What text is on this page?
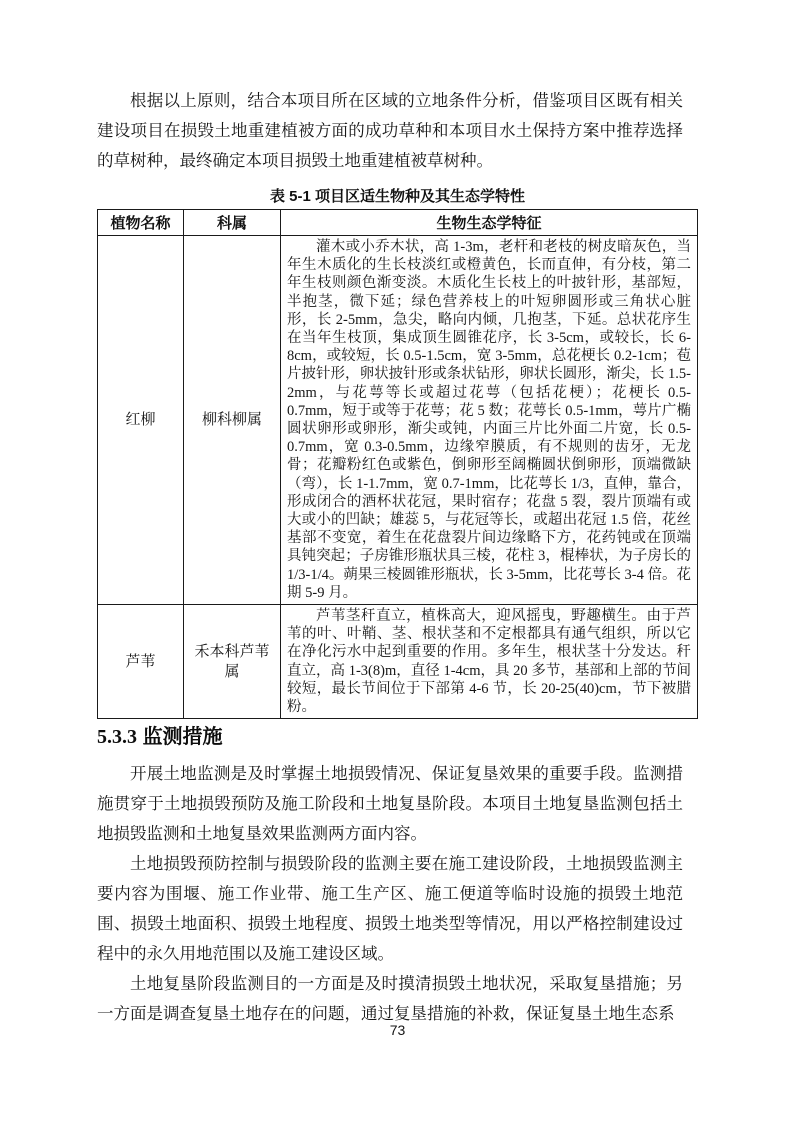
根据以上原则，结合本项目所在区域的立地条件分析，借鉴项目区既有相关建设项目在损毁土地重建植被方面的成功草种和本项目水土保持方案中推荐选择的草树种，最终确定本项目损毁土地重建植被草树种。

表 5-1 项目区适生物种及其生态学特性
植物名称	科属	生物生态学特征
红柳	柳科柳属	灌木或小乔木状，高 1-3m，老杆和老枝的树皮暗灰色，当年生木质化的生长枝淡红或橙黄色，长而直伸，有分枝，第二年生枝则颜色渐变淡。木质化生长枝上的叶披针形，基部短，半抱茎，微下延；绿色营养枝上的叶短卵圆形或三角状心脏形，长 2-5mm，急尖，略向内倾，几抱茎，下延。总状花序生在当年生枝顶，集成顶生圆锥花序，长 3-5cm，或较长，长 6-8cm，或较短，长 0.5-1.5cm，宽 3-5mm，总花梗长 0.2-1cm；苞片披针形，卵状披针形或条状钻形，卵状长圆形，渐尖，长 1.5-2mm，与花萼等长或超过花萼（包括花梗）；花梗长 0.5-0.7mm，短于或等于花萼；花 5 数；花萼长 0.5-1mm，萼片广椭圆状卵形或卵形，渐尖或钝，内面三片比外面二片宽，长 0.5-0.7mm，宽 0.3-0.5mm，边缘窄膜质，有不规则的齿牙，无龙骨；花瓣粉红色或紫色，倒卵形至阔椭圆状倒卵形，顶端微缺（弯），长 1-1.7mm，宽 0.7-1mm，比花萼长 1/3，直伸，靠合，形成闭合的酒杯状花冠，果时宿存；花盘 5 裂，裂片顶端有或大或小的凹缺；雄蕊 5，与花冠等长，或超出花冠 1.5 倍，花丝基部不变宽，着生在花盘裂片间边缘略下方，花药钝或在顶端具钝突起；子房锥形瓶状具三棱，花柱 3，棍棒状，为子房长的 1/3-1/4。蒴果三棱圆锥形瓶状，长 3-5mm，比花萼长 3-4 倍。花期 5-9 月。

芦苇	禾本科芦苇属	芦苇茎秆直立，植株高大，迎风摇曳，野趣横生。由于芦苇的叶、叶鞘、茎、根状茎和不定根都具有通气组织，所以它在净化污水中起到重要的作用。多年生，根状茎十分发达。秆直立，高 1-3(8)m，直径 1-4cm，具 20 多节，基部和上部的节间较短，最长节间位于下部第 4-6 节，长 20-25(40)cm，节下被腊粉。
5.3.3 监测措施

开展土地监测是及时掌握土地损毁情况、保证复垦效果的重要手段。监测措施贯穿于土地损毁预防及施工阶段和土地复垦阶段。本项目土地复垦监测包括土地损毁监测和土地复垦效果监测两方面内容。

土地损毁预防控制与损毁阶段的监测主要在施工建设阶段，土地损毁监测主要内容为围堰、施工作业带、施工生产区、施工便道等临时设施的损毁土地范围、损毁土地面积、损毁土地程度、损毁土地类型等情况，用以严格控制建设过程中的永久用地范围以及施工建设区域。

土地复垦阶段监测目的一方面是及时摸清损毁土地状况，采取复垦措施；另一方面是调查复垦土地存在的问题，通过复垦措施的补救，保证复垦土地生态系

73
